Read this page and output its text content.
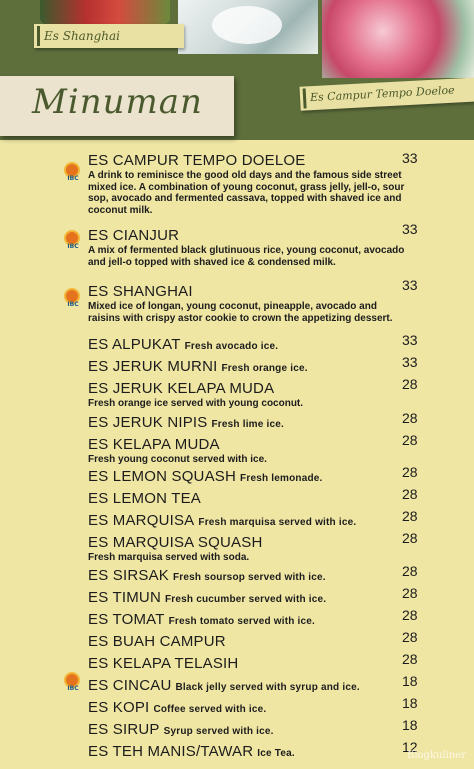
Es Shanghai
Es Campur Tempo Doeloe
Minuman
IBC
ES CAMPUR TEMPO DOELOE
A drink to reminisce the good old days and the famous side street mixed ice. A combination of young coconut, grass jelly, jell-o, sour sop, avocado and fermented cassava, topped with shaved ice and coconut milk.
33
IBC
ES CIANJUR
A mix of fermented black glutinuous rice, young coconut, avocado and jell-o topped with shaved ice & condensed milk.
33
IBC
ES SHANGHAI
Mixed ice of longan, young coconut, pineapple, avocado and raisins with crispy astor cookie to crown the appetizing dessert.
33
ES ALPUKAT Fresh avocado ice.	33
ES JERUK MURNI Fresh orange ice.	33
ES JERUK KELAPA MUDA
Fresh orange ice served with young coconut.
28
ES JERUK NIPIS Fresh lime ice.	28
ES KELAPA MUDA
Fresh young coconut served with ice.
28
ES LEMON SQUASH Fresh lemonade.	28
ES LEMON TEA	28
ES MARQUISA Fresh marquisa served with ice.	28
ES MARQUISA SQUASH
Fresh marquisa served with soda.
28
ES SIRSAK Fresh soursop served with ice.	28
ES TIMUN Fresh cucumber served with ice.	28
ES TOMAT Fresh tomato served with ice.	28
ES BUAH CAMPUR	28
ES KELAPA TELASIH	28
IBC ES CINCAU Black jelly served with syrup and ice.	18
ES KOPI Coffee served with ice.	18
ES SIRUP Syrup served with ice.	18
ES TEH MANIS/TAWAR Ice Tea.	12
Blogkuliner
